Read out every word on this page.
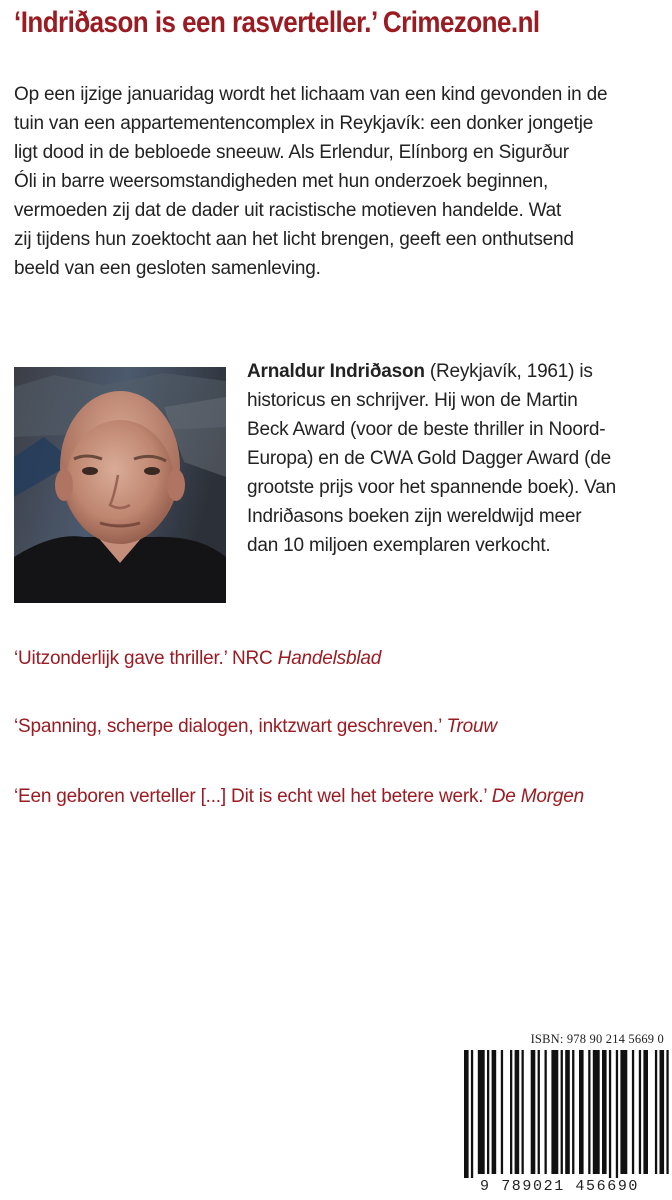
‘Indriðason is een rasverteller.’ Crimezone.nl
Op een ijzige januaridag wordt het lichaam van een kind gevonden in de
tuin van een appartementencomplex in Reykjavík: een donker jongetje
ligt dood in de bebloede sneeuw. Als Erlendur, Elínborg en Sigurður
Óli in barre weersomstandigheden met hun onderzoek beginnen,
vermoeden zij dat de dader uit racistische motieven handelde. Wat
zij tijdens hun zoektocht aan het licht brengen, geeft een onthutsend
beeld van een gesloten samenleving.
Arnaldur Indriðason (Reykjavík, 1961) is
historicus en schrijver. Hij won de Martin
Beck Award (voor de beste thriller in Noord-
Europa) en de CWA Gold Dagger Award (de
grootste prijs voor het spannende boek). Van
Indriðasons boeken zijn wereldwijd meer
dan 10 miljoen exemplaren verkocht.
‘Uitzonderlijk gave thriller.’ NRC Handelsblad
‘Spanning, scherpe dialogen, inktzwart geschreven.’ Trouw
‘Een geboren verteller [...] Dit is echt wel het betere werk.’ De Morgen
ISBN: 978 90 214 5669 0
9 789021 456690
